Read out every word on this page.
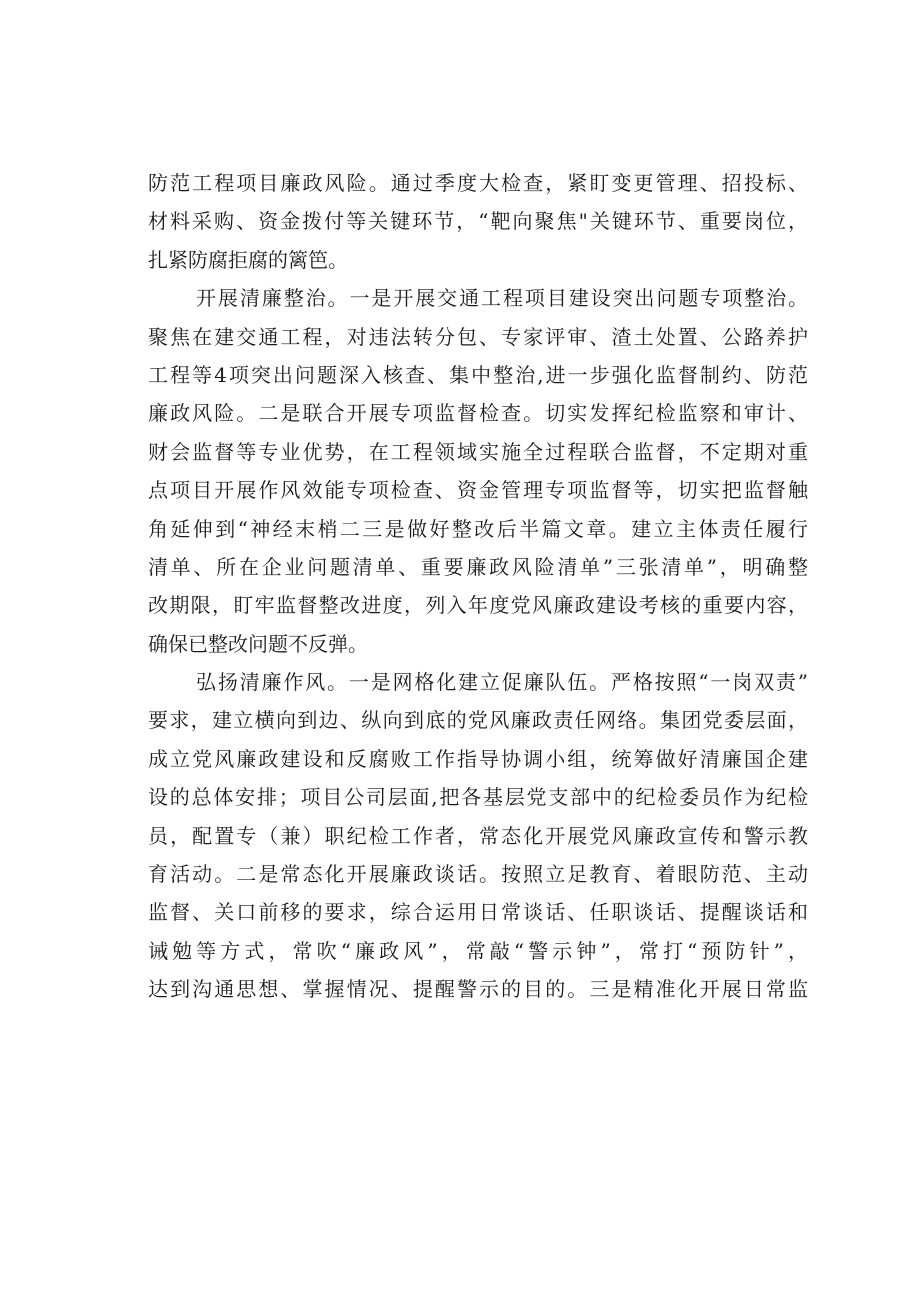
防范工程项目廉政风险。通过季度大检查，紧盯变更管理、招投标、
材料采购、资金拨付等关键环节，“靶向聚焦"关键环节、重要岗位，
扎紧防腐拒腐的篱笆。
开展清廉整治。一是开展交通工程项目建设突出问题专项整治。
聚焦在建交通工程，对违法转分包、专家评审、渣土处置、公路养护
工程等4项突出问题深入核查、集中整治,进一步强化监督制约、防范
廉政风险。二是联合开展专项监督检查。切实发挥纪检监察和审计、
财会监督等专业优势，在工程领域实施全过程联合监督，不定期对重
点项目开展作风效能专项检查、资金管理专项监督等，切实把监督触
角延伸到“神经末梢二三是做好整改后半篇文章。建立主体责任履行
清单、所在企业问题清单、重要廉政风险清单”三张清单”，明确整
改期限，盯牢监督整改进度，列入年度党风廉政建设考核的重要内容，
确保已整改问题不反弹。
弘扬清廉作风。一是网格化建立促廉队伍。严格按照“一岗双责”
要求，建立横向到边、纵向到底的党风廉政责任网络。集团党委层面，
成立党风廉政建设和反腐败工作指导协调小组，统筹做好清廉国企建
设的总体安排；项目公司层面,把各基层党支部中的纪检委员作为纪检
员，配置专（兼）职纪检工作者，常态化开展党风廉政宣传和警示教
育活动。二是常态化开展廉政谈话。按照立足教育、着眼防范、主动
监督、关口前移的要求，综合运用日常谈话、任职谈话、提醒谈话和
诫勉等方式，常吹“廉政风”，常敲“警示钟”，常打“预防针”，
达到沟通思想、掌握情况、提醒警示的目的。三是精准化开展日常监
